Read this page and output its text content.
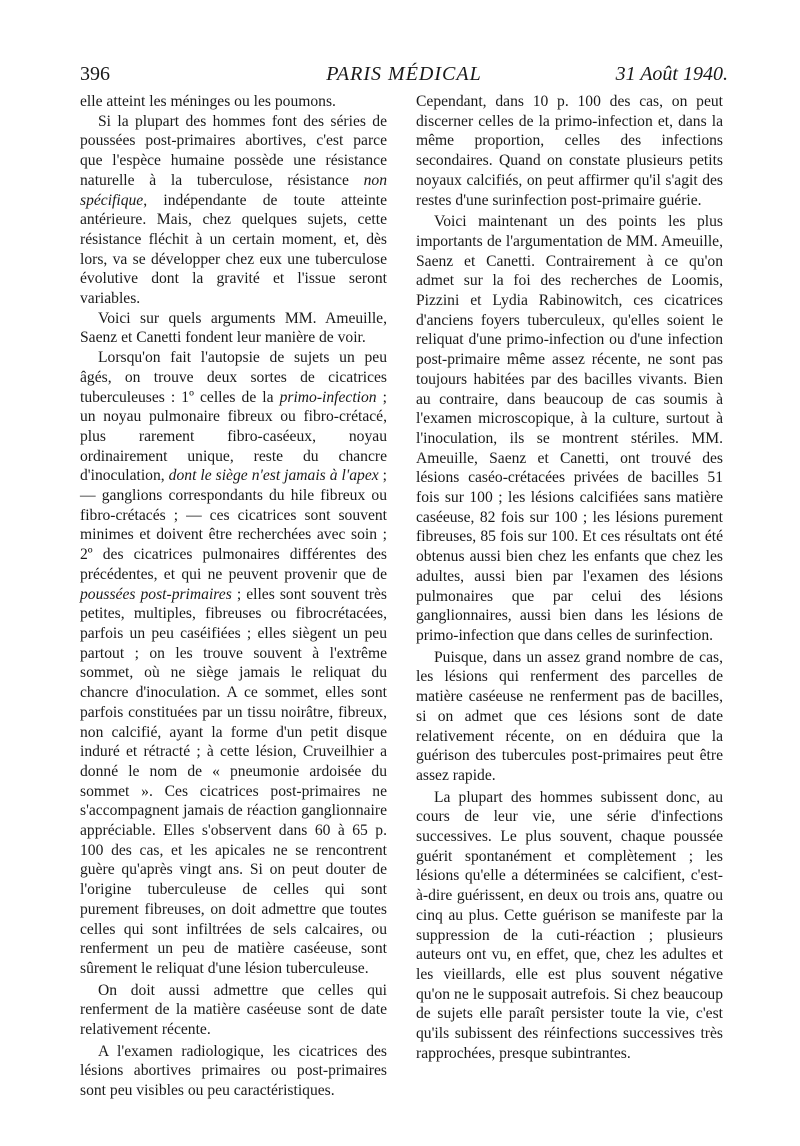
396	PARIS MÉDICAL	31 Août 1940.

elle atteint les méninges ou les poumons.

Si la plupart des hommes font des séries de poussées post-primaires abortives, c'est parce que l'espèce humaine possède une résistance naturelle à la tuberculose, résistance non spécifique, indépendante de toute atteinte antérieure. Mais, chez quelques sujets, cette résistance fléchit à un certain moment, et, dès lors, va se développer chez eux une tuberculose évolutive dont la gravité et l'issue seront variables.

Voici sur quels arguments MM. Ameuille, Saenz et Canetti fondent leur manière de voir.

Lorsqu'on fait l'autopsie de sujets un peu âgés, on trouve deux sortes de cicatrices tuberculeuses : 1º celles de la primo-infection ; un noyau pulmonaire fibreux ou fibro-crétacé, plus rarement fibro-caséeux, noyau ordinairement unique, reste du chancre d'inoculation, dont le siège n'est jamais à l'apex ; — ganglions correspondants du hile fibreux ou fibro-crétacés ; — ces cicatrices sont souvent minimes et doivent être recherchées avec soin ; 2º des cicatrices pulmonaires différentes des précédentes, et qui ne peuvent provenir que de poussées post-primaires ; elles sont souvent très petites, multiples, fibreuses ou fibrocrétacées, parfois un peu caséifiées ; elles siègent un peu partout ; on les trouve souvent à l'extrême sommet, où ne siège jamais le reliquat du chancre d'inoculation. A ce sommet, elles sont parfois constituées par un tissu noirâtre, fibreux, non calcifié, ayant la forme d'un petit disque induré et rétracté ; à cette lésion, Cruveilhier a donné le nom de « pneumonie ardoisée du sommet ». Ces cicatrices post-primaires ne s'accompagnent jamais de réaction ganglionnaire appréciable. Elles s'observent dans 60 à 65 p. 100 des cas, et les apicales ne se rencontrent guère qu'après vingt ans. Si on peut douter de l'origine tuberculeuse de celles qui sont purement fibreuses, on doit admettre que toutes celles qui sont infiltrées de sels calcaires, ou renferment un peu de matière caséeuse, sont sûrement le reliquat d'une lésion tuberculeuse.

On doit aussi admettre que celles qui renferment de la matière caséeuse sont de date relativement récente.

A l'examen radiologique, les cicatrices des lésions abortives primaires ou post-primaires sont peu visibles ou peu caractéristiques.

Cependant, dans 10 p. 100 des cas, on peut discerner celles de la primo-infection et, dans la même proportion, celles des infections secondaires. Quand on constate plusieurs petits noyaux calcifiés, on peut affirmer qu'il s'agit des restes d'une surinfection post-primaire guérie.

Voici maintenant un des points les plus importants de l'argumentation de MM. Ameuille, Saenz et Canetti. Contrairement à ce qu'on admet sur la foi des recherches de Loomis, Pizzini et Lydia Rabinowitch, ces cicatrices d'anciens foyers tuberculeux, qu'elles soient le reliquat d'une primo-infection ou d'une infection post-primaire même assez récente, ne sont pas toujours habitées par des bacilles vivants. Bien au contraire, dans beaucoup de cas soumis à l'examen microscopique, à la culture, surtout à l'inoculation, ils se montrent stériles. MM. Ameuille, Saenz et Canetti, ont trouvé des lésions caséo-crétacées privées de bacilles 51 fois sur 100 ; les lésions calcifiées sans matière caséeuse, 82 fois sur 100 ; les lésions purement fibreuses, 85 fois sur 100. Et ces résultats ont été obtenus aussi bien chez les enfants que chez les adultes, aussi bien par l'examen des lésions pulmonaires que par celui des lésions ganglionnaires, aussi bien dans les lésions de primo-infection que dans celles de surinfection.

Puisque, dans un assez grand nombre de cas, les lésions qui renferment des parcelles de matière caséeuse ne renferment pas de bacilles, si on admet que ces lésions sont de date relativement récente, on en déduira que la guérison des tubercules post-primaires peut être assez rapide.

La plupart des hommes subissent donc, au cours de leur vie, une série d'infections successives. Le plus souvent, chaque poussée guérit spontanément et complètement ; les lésions qu'elle a déterminées se calcifient, c'est-à-dire guérissent, en deux ou trois ans, quatre ou cinq au plus. Cette guérison se manifeste par la suppression de la cuti-réaction ; plusieurs auteurs ont vu, en effet, que, chez les adultes et les vieillards, elle est plus souvent négative qu'on ne le supposait autrefois. Si chez beaucoup de sujets elle paraît persister toute la vie, c'est qu'ils subissent des réinfections successives très rapprochées, presque subintrantes.
